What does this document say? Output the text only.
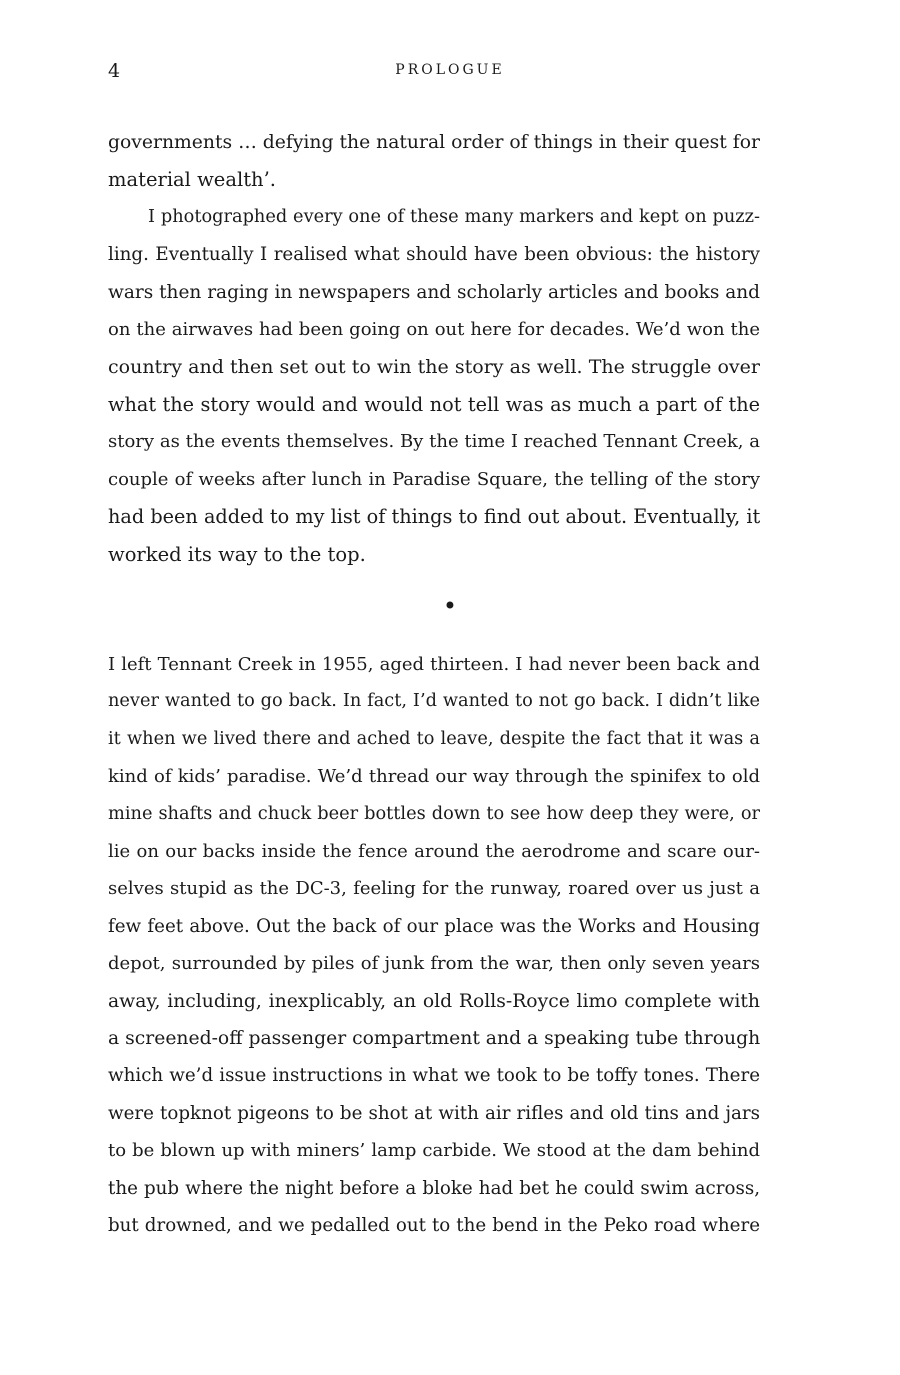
4	PROLOGUE
governments … defying the natural order of things in their quest for
material wealth’.
I photographed every one of these many markers and kept on puzz-
ling. Eventually I realised what should have been obvious: the history
wars then raging in newspapers and scholarly articles and books and
on the airwaves had been going on out here for decades. We’d won the
country and then set out to win the story as well. The struggle over
what the story would and would not tell was as much a part of the
story as the events themselves. By the time I reached Tennant Creek, a
couple of weeks after lunch in Paradise Square, the telling of the story
had been added to my list of things to find out about. Eventually, it
worked its way to the top.
•
I left Tennant Creek in 1955, aged thirteen. I had never been back and
never wanted to go back. In fact, I’d wanted to not go back. I didn’t like
it when we lived there and ached to leave, despite the fact that it was a
kind of kids’ paradise. We’d thread our way through the spinifex to old
mine shafts and chuck beer bottles down to see how deep they were, or
lie on our backs inside the fence around the aerodrome and scare our-
selves stupid as the DC-3, feeling for the runway, roared over us just a
few feet above. Out the back of our place was the Works and Housing
depot, surrounded by piles of junk from the war, then only seven years
away, including, inexplicably, an old Rolls-Royce limo complete with
a screened-off passenger compartment and a speaking tube through
which we’d issue instructions in what we took to be toffy tones. There
were topknot pigeons to be shot at with air rifles and old tins and jars
to be blown up with miners’ lamp carbide. We stood at the dam behind
the pub where the night before a bloke had bet he could swim across,
but drowned, and we pedalled out to the bend in the Peko road where
